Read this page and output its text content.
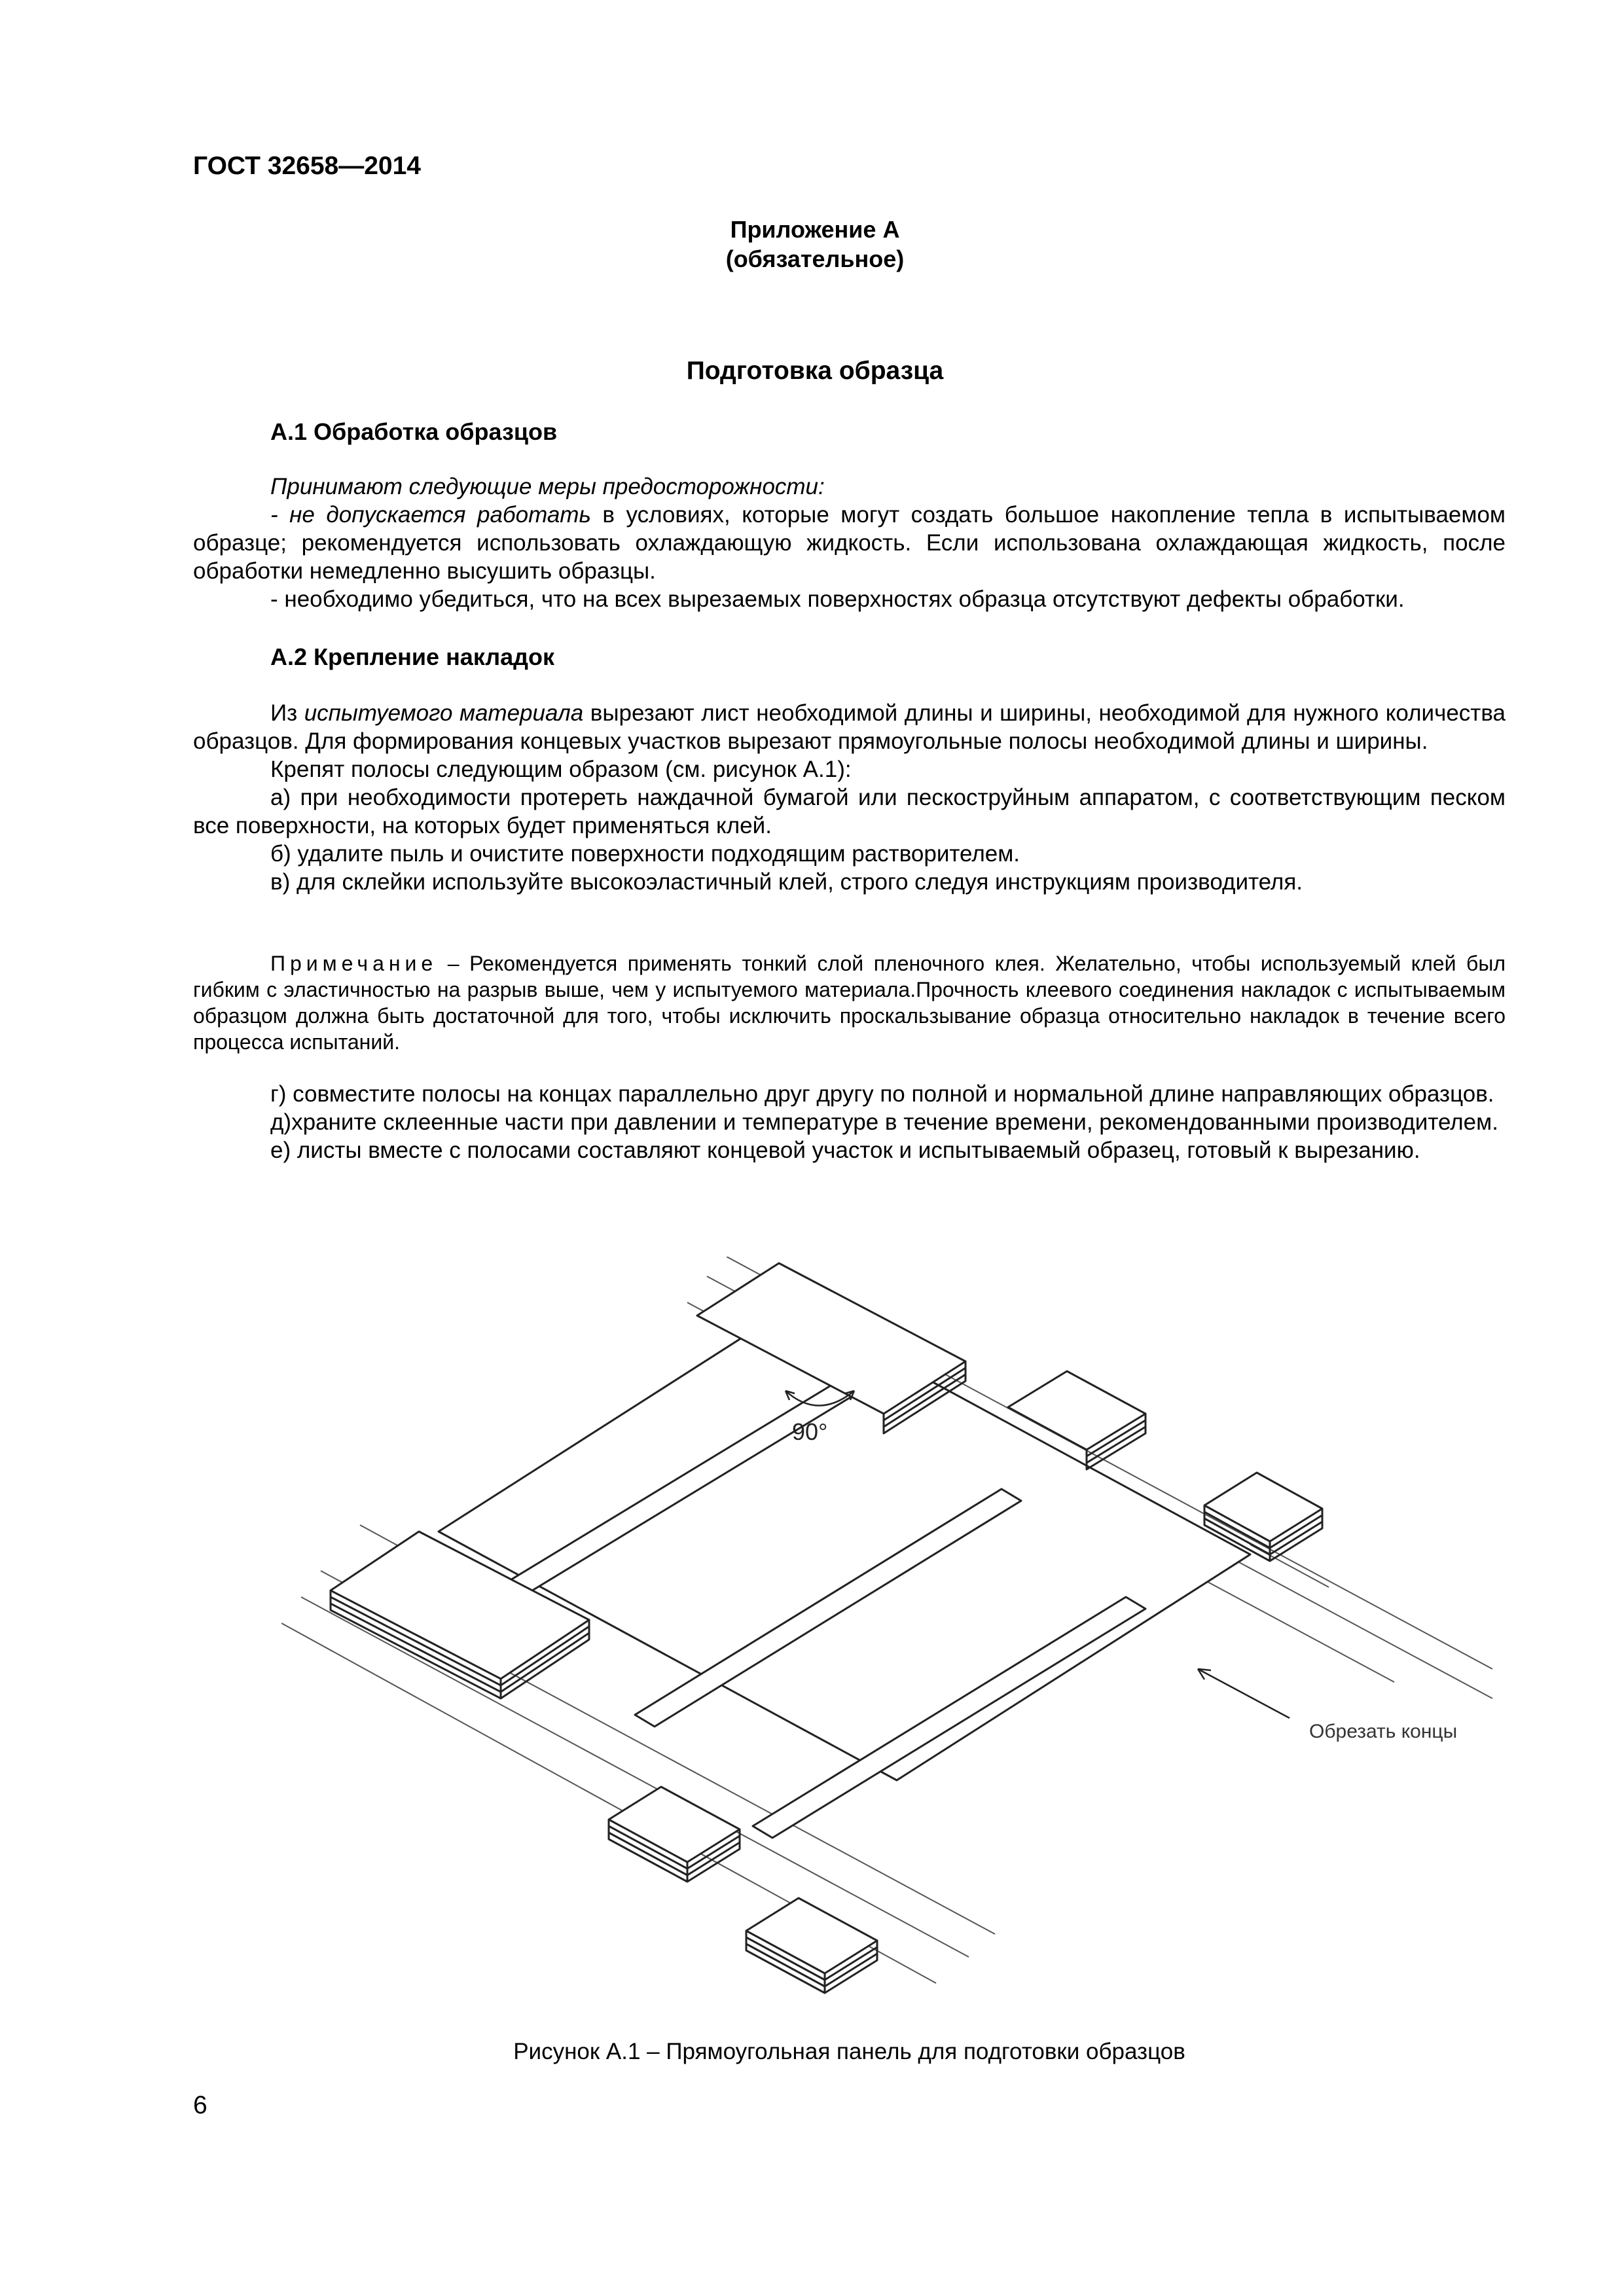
ГОСТ 32658—2014
Приложение А
(обязательное)
Подготовка образца

А.1 Обработка образцов

Принимают следующие меры предосторожности:

- не допускается работать в условиях, которые могут создать большое накопление тепла в испытываемом образце; рекомендуется использовать охлаждающую жидкость. Если использована охлаждающая жидкость, после обработки немедленно высушить образцы.

- необходимо убедиться, что на всех вырезаемых поверхностях образца отсутствуют дефекты обработки.

А.2 Крепление накладок

Из испытуемого материала вырезают лист необходимой длины и ширины, необходимой для нужного количества образцов. Для формирования концевых участков вырезают прямоугольные полосы необходимой длины и ширины.

Крепят полосы следующим образом (см. рисунок А.1):

а) при необходимости протереть наждачной бумагой или пескоструйным аппаратом, с соответствующим песком все поверхности, на которых будет применяться клей.

б) удалите пыль и очистите поверхности подходящим растворителем.

в) для склейки используйте высокоэластичный клей, строго следуя инструкциям производителя.

Примечание – Рекомендуется применять тонкий слой пленочного клея. Желательно, чтобы используемый клей был гибким с эластичностью на разрыв выше, чем у испытуемого материала.Прочность клеевого соединения накладок с испытываемым образцом должна быть достаточной для того, чтобы исключить проскальзывание образца относительно накладок в течение всего процесса испытаний.

г) совместите полосы на концах параллельно друг другу по полной и нормальной длине направляющих образцов.

д)храните склеенные части при давлении и температуре в течение времени, рекомендованными производителем.

е) листы вместе с полосами составляют концевой участок и испытываемый образец, готовый к вырезанию.

90°
Обрезать концы
Рисунок А.1 – Прямоугольная панель для подготовки образцов
6
